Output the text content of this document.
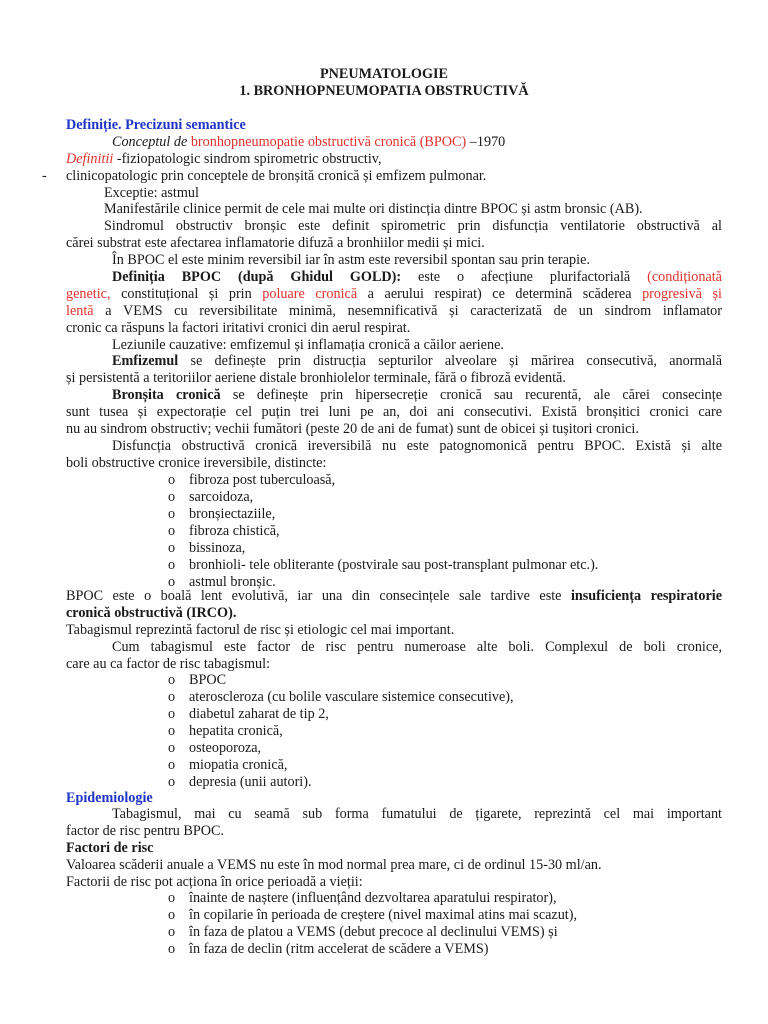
PNEUMATOLOGIE
1. BRONHOPNEUMOPATIA OBSTRUCTIVĂ
Definiție. Precizuni semantice
Conceptul de bronhopneumopatie obstructivă cronică (BPOC) –1970
Definitii -fiziopatologic sindrom spirometric obstructiv,
- clinicopatologic prin conceptele de bronșită cronică și emfizem pulmonar.
Exceptie: astmul
Manifestările clinice permit de cele mai multe ori distincția dintre BPOC și astm bronsic (AB).
Sindromul obstructiv bronșic este definit spirometric prin disfuncția ventilatorie obstructivă al
cărei substrat este afectarea inflamatorie difuză a bronhiilor medii și mici.
În BPOC el este minim reversibil iar în astm este reversibil spontan sau prin terapie.
Definiția BPOC (după Ghidul GOLD): este o afecțiune plurifactorială (condiționată
genetic, constituțional și prin poluare cronică a aerului respirat) ce determină scăderea progresivă și
lentă a VEMS cu reversibilitate minimă, nesemnificativă și caracterizată de un sindrom inflamator
cronic ca răspuns la factori iritativi cronici din aerul respirat.
Leziunile cauzative: emfizemul și inflamația cronică a căilor aeriene.
Emfizemul se definește prin distrucția septurilor alveolare și mărirea consecutivă, anormală
și persistentă a teritoriilor aeriene distale bronhiolelor terminale, fără o fibroză evidentă.
Bronșita cronică se definește prin hipersecreție cronică sau recurentă, ale cărei consecințe
sunt tusea și expectorație cel puțin trei luni pe an, doi ani consecutivi. Există bronșitici cronici care
nu au sindrom obstructiv; vechii fumători (peste 20 de ani de fumat) sunt de obicei și tușitori cronici.
Disfuncția obstructivă cronică ireversibilă nu este patognomonică pentru BPOC. Există și alte
boli obstructive cronice ireversibile, distincte:
o fibroza post tuberculoasă,
o sarcoidoza,
o bronșiectaziile,
o fibroza chistică,
o bissinoza,
o bronhioli- tele obliterante (postvirale sau post-transplant pulmonar etc.).
o astmul bronșic.
BPOC este o boală lent evolutivă, iar una din consecințele sale tardive este insuficiența respiratorie
cronică obstructivă (IRCO).
Tabagismul reprezintă factorul de risc și etiologic cel mai important.
Cum tabagismul este factor de risc pentru numeroase alte boli. Complexul de boli cronice,
care au ca factor de risc tabagismul:
o BPOC
o ateroscleroza (cu bolile vasculare sistemice consecutive),
o diabetul zaharat de tip 2,
o hepatita cronică,
o osteoporoza,
o miopatia cronică,
o depresia (unii autori).
Epidemiologie
Tabagismul, mai cu seamă sub forma fumatului de țigarete, reprezintă cel mai important
factor de risc pentru BPOC.
Factori de risc
Valoarea scăderii anuale a VEMS nu este în mod normal prea mare, ci de ordinul 15-30 ml/an.
Factorii de risc pot acționa în orice perioadă a vieții:
o înainte de naștere (influențând dezvoltarea aparatului respirator),
o în copilarie în perioada de creștere (nivel maximal atins mai scazut),
o în faza de platou a VEMS (debut precoce al declinului VEMS) și
o în faza de declin (ritm accelerat de scădere a VEMS)
